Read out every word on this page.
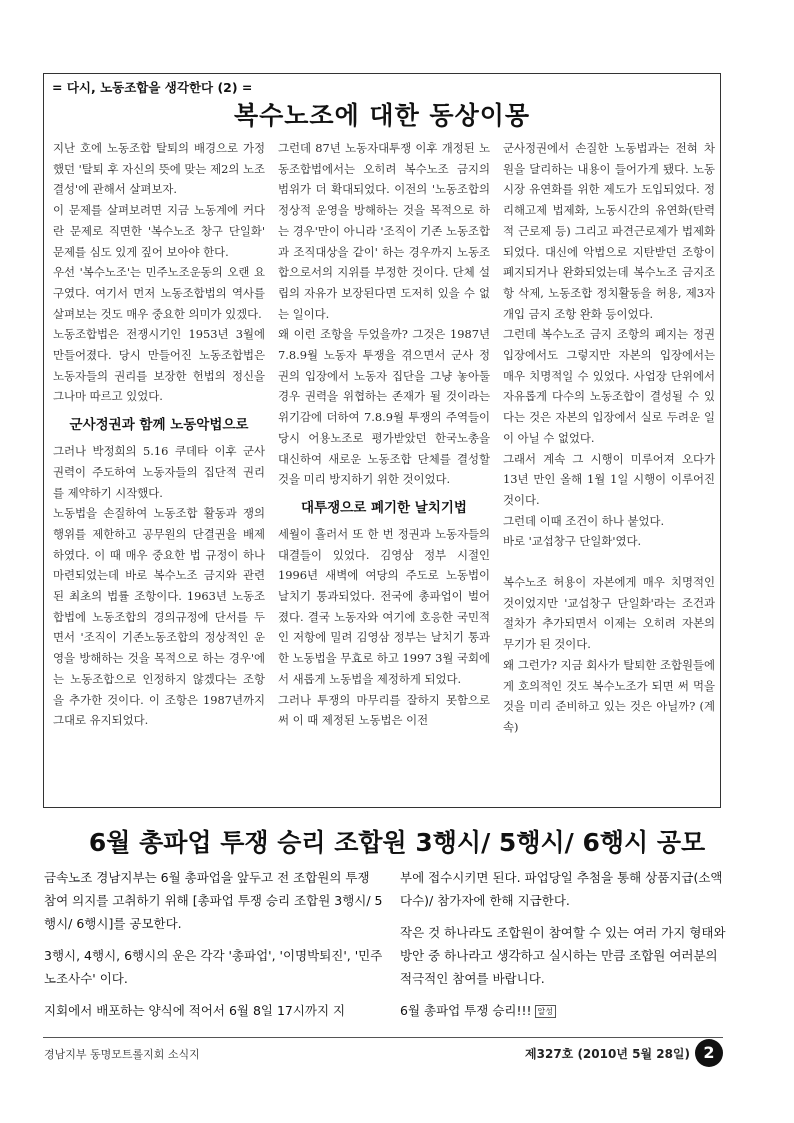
= 다시, 노동조합을 생각한다 (2) =
복수노조에 대한 동상이몽

지난 호에 노동조합 탈퇴의 배경으로 가정했던 '탈퇴 후 자신의 뜻에 맞는 제2의 노조 결성'에 관해서 살펴보자.

이 문제를 살펴보려면 지금 노동계에 커다란 문제로 직면한 '복수노조 창구 단일화' 문제를 심도 있게 짚어 보아야 한다.

우선 '복수노조'는 민주노조운동의 오랜 요구였다. 여기서 먼저 노동조합법의 역사를 살펴보는 것도 매우 중요한 의미가 있겠다.

노동조합법은 전쟁시기인 1953년 3월에 만들어졌다. 당시 만들어진 노동조합법은 노동자들의 권리를 보장한 헌법의 정신을 그나마 따르고 있었다.

군사정권과 함께 노동악법으로

그러나 박정희의 5.16 쿠데타 이후 군사 권력이 주도하여 노동자들의 집단적 권리를 제약하기 시작했다.

노동법을 손질하여 노동조합 활동과 쟁의행위를 제한하고 공무원의 단결권을 배제하였다. 이 때 매우 중요한 법 규정이 하나 마련되었는데 바로 복수노조 금지와 관련된 최초의 법률 조항이다. 1963년 노동조합법에 노동조합의 경의규정에 단서를 두면서 '조직이 기존노동조합의 정상적인 운영을 방해하는 것을 목적으로 하는 경우'에는 노동조합으로 인정하지 않겠다는 조항을 추가한 것이다. 이 조항은 1987년까지 그대로 유지되었다.

그런데 87년 노동자대투쟁 이후 개정된 노동조합법에서는 오히려 복수노조 금지의 범위가 더 확대되었다. 이전의 '노동조합의 정상적 운영을 방해하는 것을 목적으로 하는 경우'만이 아니라 '조직이 기존 노동조합과 조직대상을 같이' 하는 경우까지 노동조합으로서의 지위를 부정한 것이다. 단체 설립의 자유가 보장된다면 도저히 있을 수 없는 일이다.

왜 이런 조항을 두었을까? 그것은 1987년 7.8.9월 노동자 투쟁을 겪으면서 군사 정권의 입장에서 노동자 집단을 그냥 놓아둘 경우 권력을 위협하는 존재가 될 것이라는 위기감에 더하여 7.8.9월 투쟁의 주역들이 당시 어용노조로 평가받았던 한국노총을 대신하여 새로운 노동조합 단체를 결성할 것을 미리 방지하기 위한 것이었다.

대투쟁으로 폐기한 날치기법

세월이 흘러서 또 한 번 정권과 노동자들의 대결들이 있었다. 김영삼 정부 시절인 1996년 새벽에 여당의 주도로 노동법이 날치기 통과되었다. 전국에 총파업이 벌어졌다. 결국 노동자와 여기에 호응한 국민적인 저항에 밀려 김영삼 정부는 날치기 통과한 노동법을 무효로 하고 1997 3월 국회에서 새롭게 노동법을 제정하게 되었다.

그러나 투쟁의 마무리를 잘하지 못함으로써 이 때 제정된 노동법은 이전

군사정권에서 손질한 노동법과는 전혀 차원을 달리하는 내용이 들어가게 됐다. 노동시장 유연화를 위한 제도가 도입되었다. 정리해고제 법제화, 노동시간의 유연화(탄력적 근로제 등) 그리고 파견근로제가 법제화되었다. 대신에 악법으로 지탄받던 조항이 폐지되거나 완화되었는데 복수노조 금지조항 삭제, 노동조합 정치활동을 허용, 제3자 개입 금지 조항 완화 등이었다.

그런데 복수노조 금지 조항의 폐지는 정권 입장에서도 그렇지만 자본의 입장에서는 매우 치명적일 수 있었다. 사업장 단위에서 자유롭게 다수의 노동조합이 결성될 수 있다는 것은 자본의 입장에서 실로 두려운 일이 아닐 수 없었다.

그래서 계속 그 시행이 미루어져 오다가 13년 만인 올해 1월 1일 시행이 이루어진 것이다.

그런데 이때 조건이 하나 붙었다.

바로 '교섭창구 단일화'였다.

복수노조 허용이 자본에게 매우 치명적인 것이었지만 '교섭창구 단일화'라는 조건과 절차가 추가되면서 이제는 오히려 자본의 무기가 된 것이다.

왜 그런가? 지금 회사가 탈퇴한 조합원들에게 호의적인 것도 복수노조가 되면 써 먹을 것을 미리 준비하고 있는 것은 아닐까? (계속)

6월 총파업 투쟁 승리 조합원 3행시/ 5행시/ 6행시 공모

금속노조 경남지부는 6월 총파업을 앞두고 전 조합원의 투쟁 참여 의지를 고취하기 위해 [총파업 투쟁 승리 조합원 3행시/ 5행시/ 6행시]를 공모한다.

3행시, 4행시, 6행시의 운은 각각 '총파업', '이명박퇴진', '민주노조사수' 이다.

지회에서 배포하는 양식에 적어서 6월 8일 17시까지 지

부에 접수시키면 된다. 파업당일 추첨을 통해 상품지급(소액 다수)/ 참가자에 한해 지급한다.

작은 것 하나라도 조합원이 참여할 수 있는 여러 가지 형태와 방안 중 하나라고 생각하고 실시하는 만큼 조합원 여러분의 적극적인 참여를 바랍니다.

6월 총파업 투쟁 승리!!! 알성

경남지부 동명모트롤지회 소식지	제327호 (2010년 5월 28일) 2
